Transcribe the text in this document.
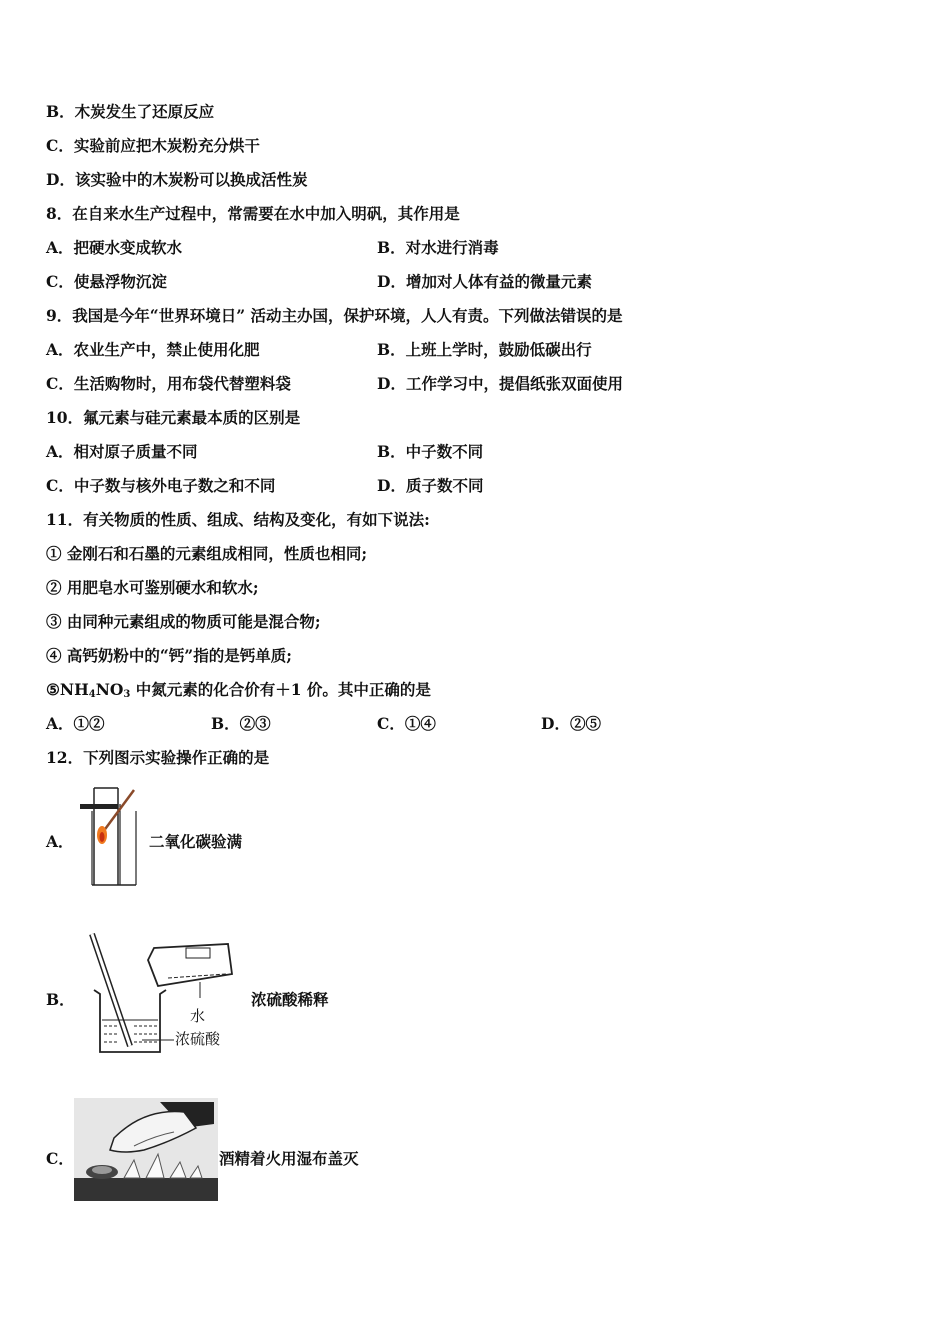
B．木炭发生了还原反应
C．实验前应把木炭粉充分烘干
D．该实验中的木炭粉可以换成活性炭
8．在自来水生产过程中，常需要在水中加入明矾，其作用是
A．把硬水变成软水	B．对水进行消毒
C．使悬浮物沉淀	D．增加对人体有益的微量元素
9．我国是今年“世界环境日” 活动主办国，保护环境，人人有责。下列做法错误的是
A．农业生产中，禁止使用化肥	B．上班上学时，鼓励低碳出行
C．生活购物时，用布袋代替塑料袋	D．工作学习中，提倡纸张双面使用
10．氟元素与硅元素最本质的区别是
A．相对原子质量不同	B．中子数不同
C．中子数与核外电子数之和不同	D．质子数不同
11．有关物质的性质、组成、结构及变化，有如下说法:
① 金刚石和石墨的元素组成相同，性质也相同;
② 用肥皂水可鉴别硬水和软水;
③ 由同种元素组成的物质可能是混合物;
④ 高钙奶粉中的“钙”指的是钙单质;
$⑤NH_4NO_3$ 中氮元素的化合价有＋1 价。其中正确的是
A．①②	B．②③	C．①④	D．②⑤
12．下列图示实验操作正确的是
A．	二氧化碳验满
B．
水
浓硫酸
浓硫酸稀释
C．	酒精着火用湿布盖灭
